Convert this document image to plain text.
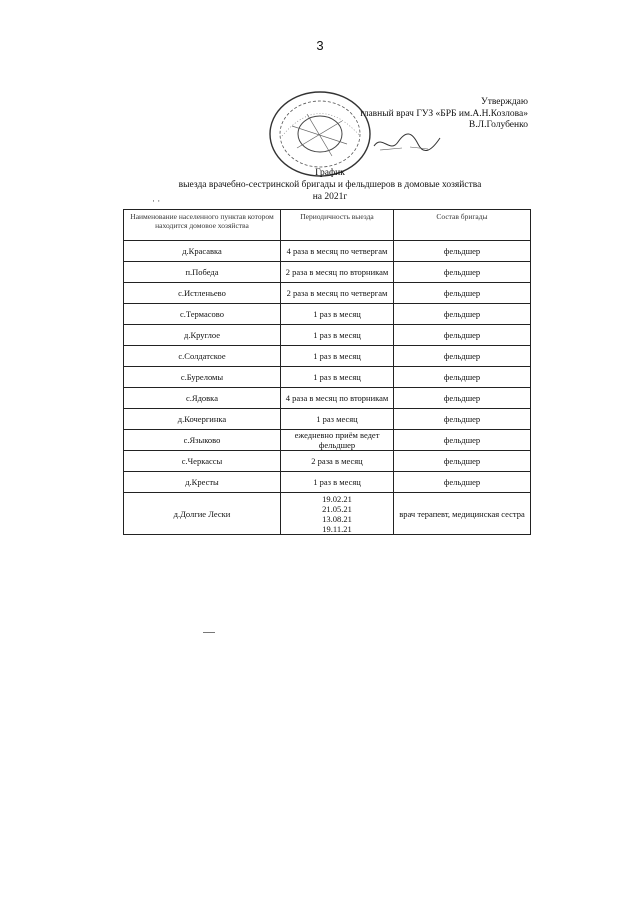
3
Утверждаю
главный врач ГУЗ «БРБ им.А.Н.Козлова»
В.Л.Голубенко
График
выезда врачебно-сестринской бригады и фельдшеров в домовые хозяйства
на 2021г
· ·
Наименование населенного пунктав котором находится домовое хозяйства	Периодичность выезда	Состав бригады
д.Красавка	4 раза в месяц по четвергам	фельдшер
п.Победа	2 раза в месяц по вторникам	фельдшер
с.Истленьево	2 раза в месяц по четвергам	фельдшер
с.Термасово	1 раз в месяц	фельдшер
д.Круглое	1 раз в месяц	фельдшер
с.Солдатское	1 раз в месяц	фельдшер
с.Буреломы	1 раз в месяц	фельдшер
с.Ядовка	4 раза в месяц по вторникам	фельдшер
д.Кочергинка	1 раз месяц	фельдшер
с.Языково	ежедневно приём ведет фельдшер	фельдшер
с.Черкассы	2 раза в месяц	фельдшер
д.Кресты	1 раз в месяц	фельдшер
д.Долгие Лески	19.02.21
21.05.21
13.08.21
19.11.21	врач терапевт, медицинская сестра
